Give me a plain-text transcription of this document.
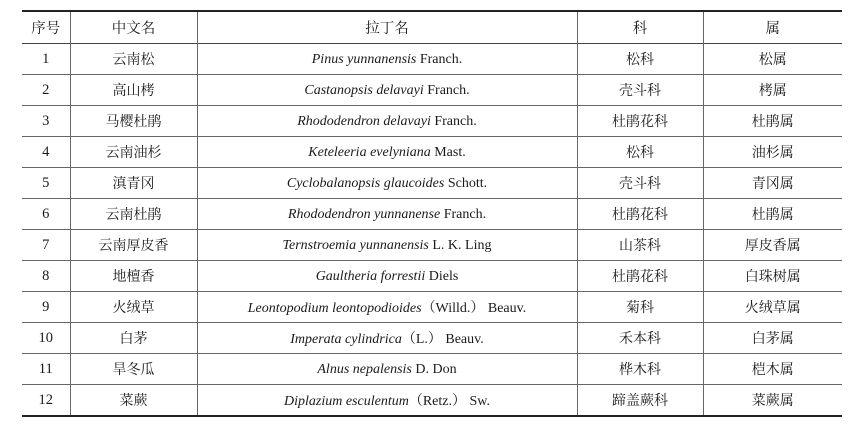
序号	中文名	拉丁名	科	属
1	云南松	Pinus yunnanensis Franch.	松科	松属
2	高山栲	Castanopsis delavayi Franch.	壳斗科	栲属
3	马樱杜鹃	Rhododendron delavayi Franch.	杜鹃花科	杜鹃属
4	云南油杉	Keteleeria evelyniana Mast.	松科	油杉属
5	滇青冈	Cyclobalanopsis glaucoides Schott.	壳斗科	青冈属
6	云南杜鹃	Rhododendron yunnanense Franch.	杜鹃花科	杜鹃属
7	云南厚皮香	Ternstroemia yunnanensis L. K. Ling	山茶科	厚皮香属
8	地檀香	Gaultheria forrestii Diels	杜鹃花科	白珠树属
9	火绒草	Leontopodium leontopodioides（Willd.） Beauv.	菊科	火绒草属
10	白茅	Imperata cylindrica（L.） Beauv.	禾本科	白茅属
11	旱冬瓜	Alnus nepalensis D. Don	桦木科	桤木属
12	菜蕨	Diplazium esculentum（Retz.） Sw.	蹄盖蕨科	菜蕨属
